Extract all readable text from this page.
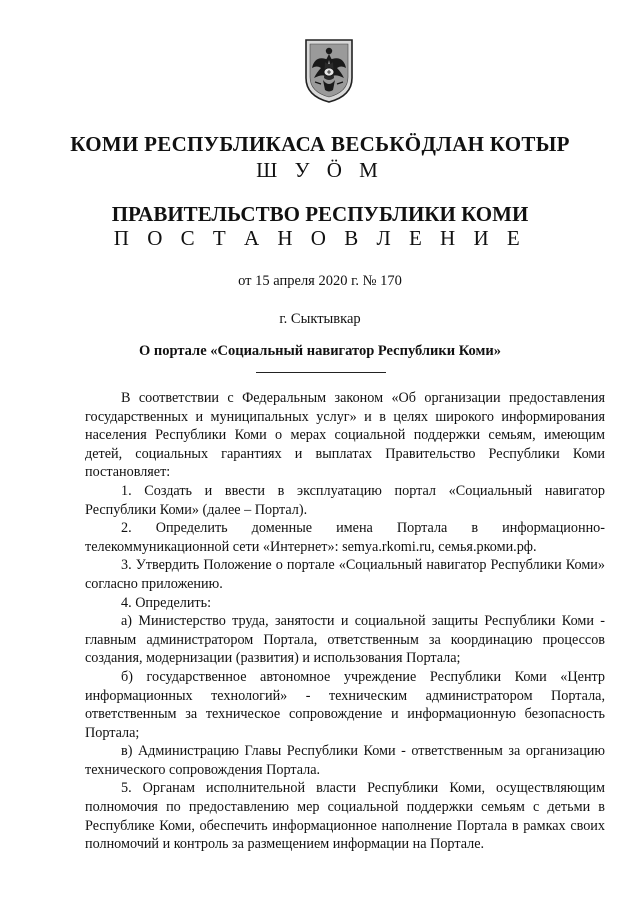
КОМИ РЕСПУБЛИКАСА ВЕСЬКÖДЛАН КОТЫР
Ш У Ö М
ПРАВИТЕЛЬСТВО РЕСПУБЛИКИ КОМИ
П О С Т А Н О В Л Е Н И Е
от 15 апреля 2020 г. № 170
г. Сыктывкар
О портале «Социальный навигатор Республики Коми»

В соответствии с Федеральным законом «Об организации предоставления государственных и муниципальных услуг» и в целях широкого информирования населения Республики Коми о мерах социальной поддержки семьям, имеющим детей, социальных гарантиях и выплатах Правительство Республики Коми постановляет:

1. Создать и ввести в эксплуатацию портал «Социальный навигатор Республики Коми» (далее – Портал).

2. Определить доменные имена Портала в информационно-телекоммуникационной сети «Интернет»: semya.rkomi.ru, семья.ркоми.рф.

3. Утвердить Положение о портале «Социальный навигатор Республики Коми» согласно приложению.

4. Определить:

а) Министерство труда, занятости и социальной защиты Республики Коми - главным администратором Портала, ответственным за координацию процессов создания, модернизации (развития) и использования Портала;

б) государственное автономное учреждение Республики Коми «Центр информационных технологий» - техническим администратором Портала, ответственным за техническое сопровождение и информационную безопасность Портала;

в) Администрацию Главы Республики Коми - ответственным за организацию технического сопровождения Портала.

5. Органам исполнительной власти Республики Коми, осуществляющим полномочия по предоставлению мер социальной поддержки семьям с детьми в Республике Коми, обеспечить информационное наполнение Портала в рамках своих полномочий и контроль за размещением информации на Портале.
